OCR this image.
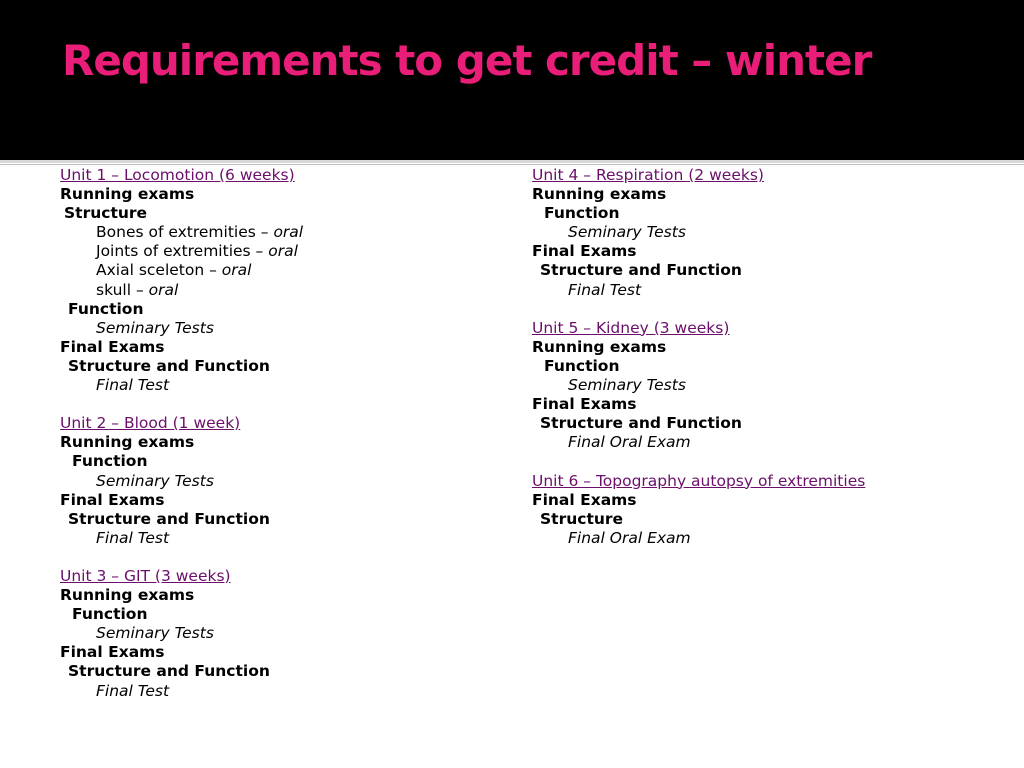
Requirements to get credit – winter
Unit 1 – Locomotion (6 weeks)
Running exams
Structure
Bones of extremities – oral
Joints of extremities – oral
Axial sceleton – oral
skull – oral
Function
Seminary Tests
Final Exams
Structure and Function
Final Test
Unit 2 – Blood (1 week)
Running exams
Function
Seminary Tests
Final Exams
Structure and Function
Final Test
Unit 3 – GIT (3 weeks)
Running exams
Function
Seminary Tests
Final Exams
Structure and Function
Final Test
Unit 4 – Respiration (2 weeks)
Running exams
Function
Seminary Tests
Final Exams
Structure and Function
Final Test
Unit 5 – Kidney (3 weeks)
Running exams
Function
Seminary Tests
Final Exams
Structure and Function
Final Oral Exam
Unit 6 – Topography autopsy of extremities
Final Exams
Structure
Final Oral Exam
